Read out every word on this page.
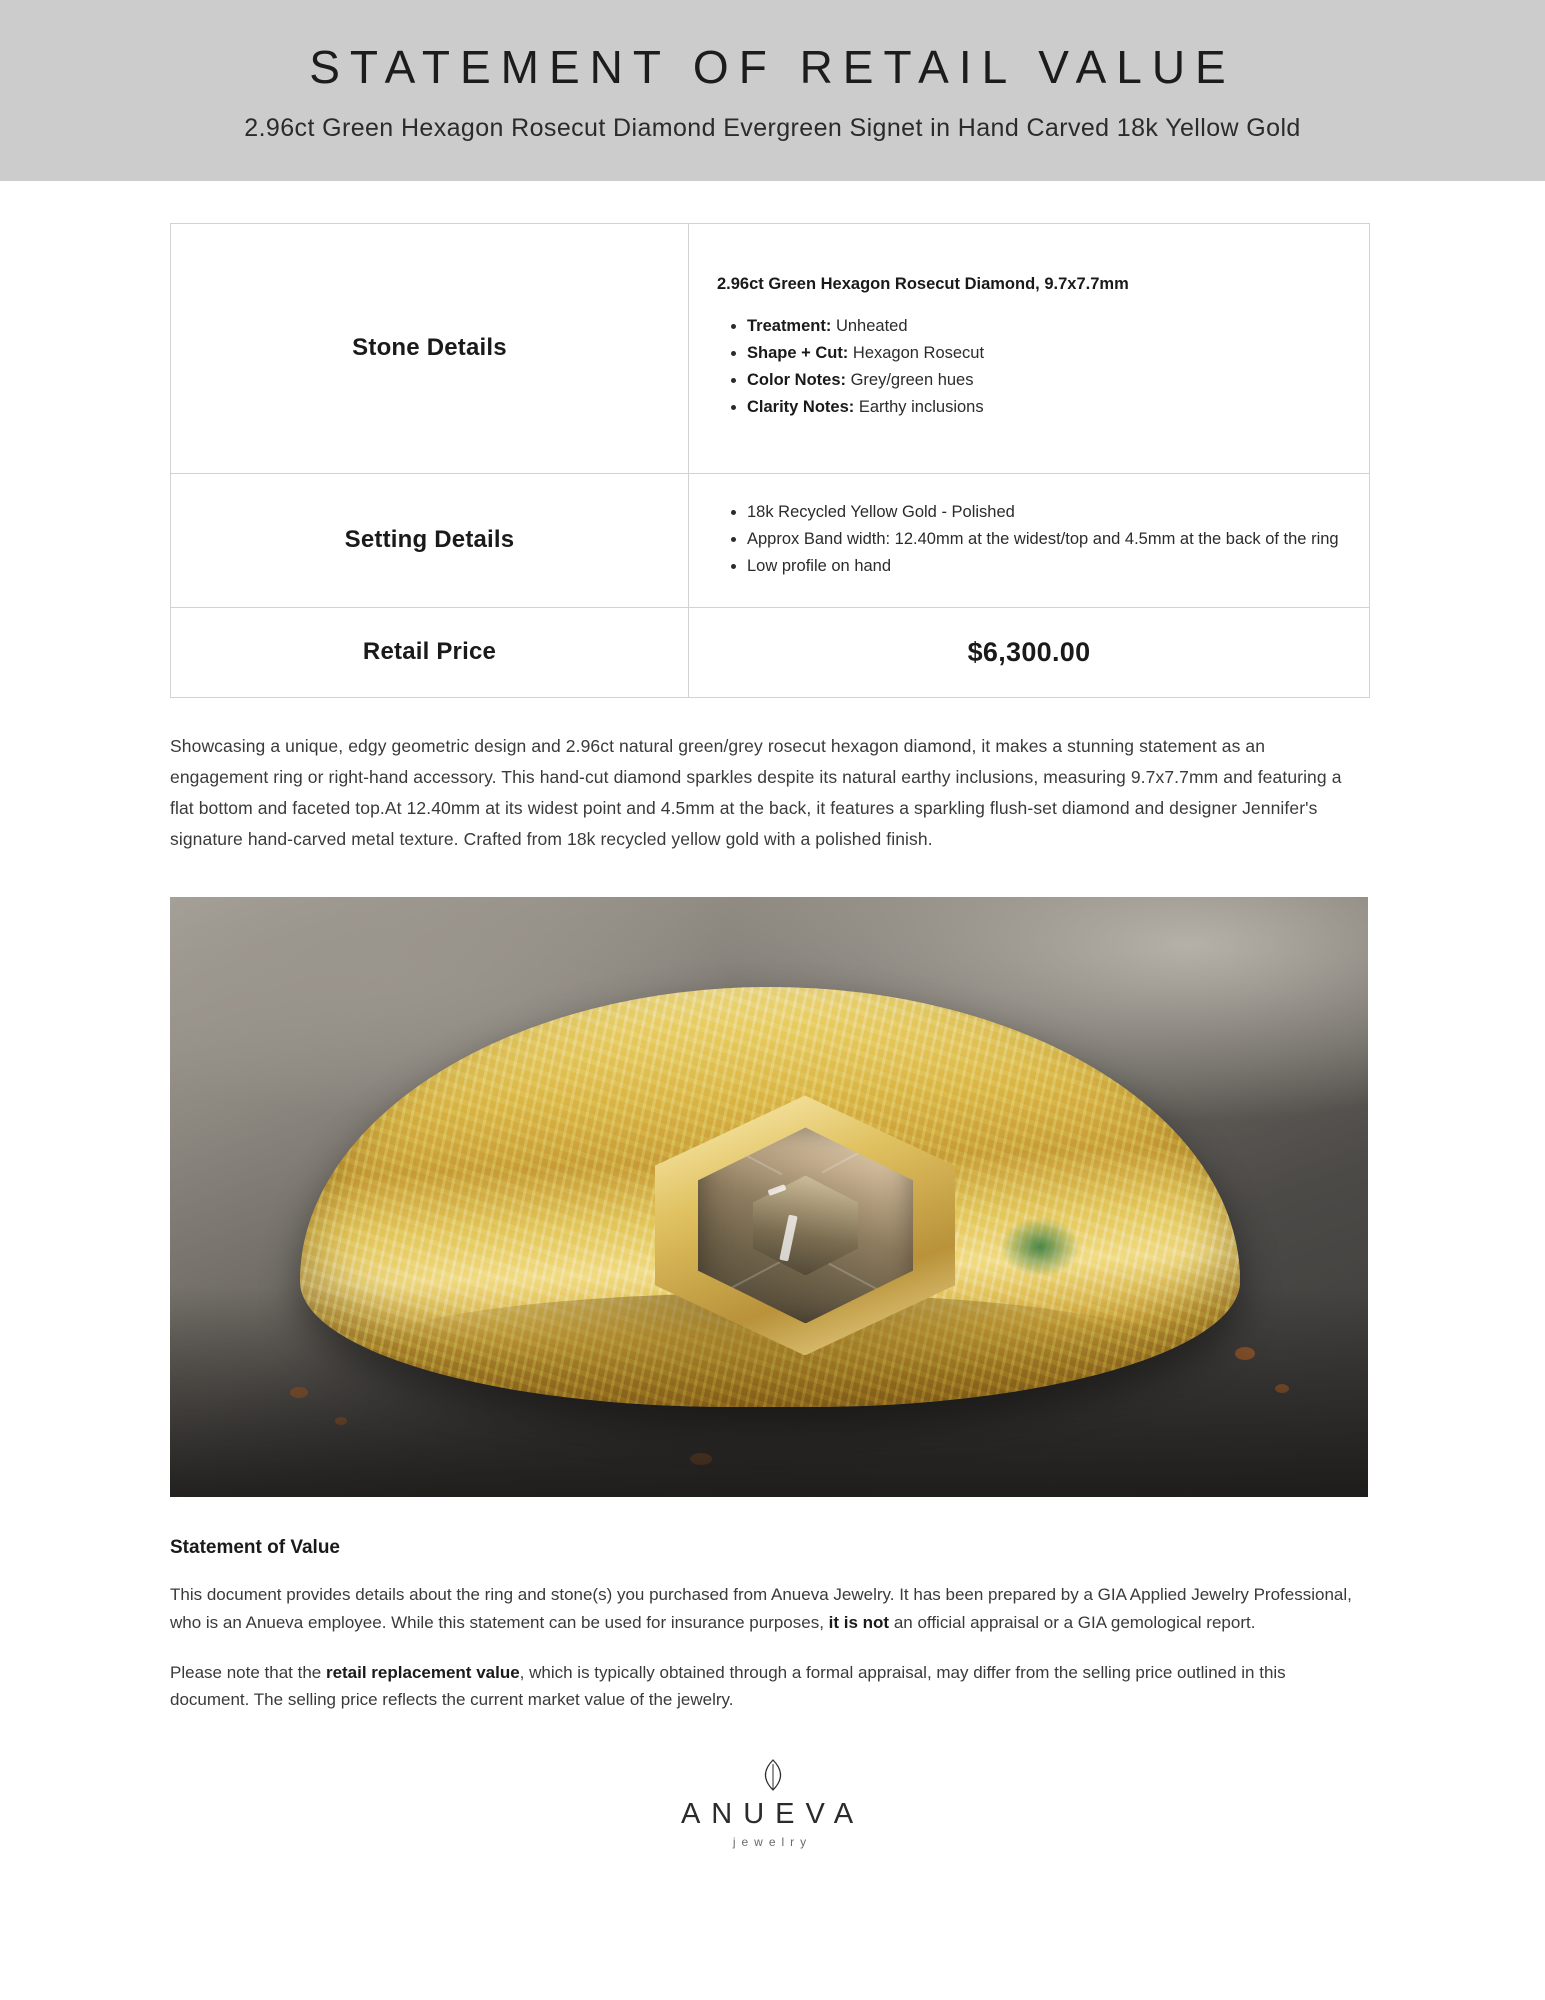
STATEMENT OF RETAIL VALUE
2.96ct Green Hexagon Rosecut Diamond Evergreen Signet in Hand Carved 18k Yellow Gold
Stone Details	
2.96ct Green Hexagon Rosecut Diamond, 9.7x7.7mm
• Treatment: Unheated
• Shape + Cut: Hexagon Rosecut
• Color Notes: Grey/green hues
• Clarity Notes: Earthy inclusions

Setting Details	
• 18k Recycled Yellow Gold - Polished
• Approx Band width: 12.40mm at the widest/top and 4.5mm at the back of the ring
• Low profile on hand

Retail Price	$6,300.00

Showcasing a unique, edgy geometric design and 2.96ct natural green/grey rosecut hexagon diamond, it makes a stunning statement as an engagement ring or right-hand accessory. This hand-cut diamond sparkles despite its natural earthy inclusions, measuring 9.7x7.7mm and featuring a flat bottom and faceted top.At 12.40mm at its widest point and 4.5mm at the back, it features a sparkling flush-set diamond and designer Jennifer's signature hand-carved metal texture. Crafted from 18k recycled yellow gold with a polished finish.

Statement of Value

This document provides details about the ring and stone(s) you purchased from Anueva Jewelry. It has been prepared by a GIA Applied Jewelry Professional, who is an Anueva employee. While this statement can be used for insurance purposes, it is not an official appraisal or a GIA gemological report.

Please note that the retail replacement value, which is typically obtained through a formal appraisal, may differ from the selling price outlined in this document. The selling price reflects the current market value of the jewelry.

ANUEVA
jewelry
